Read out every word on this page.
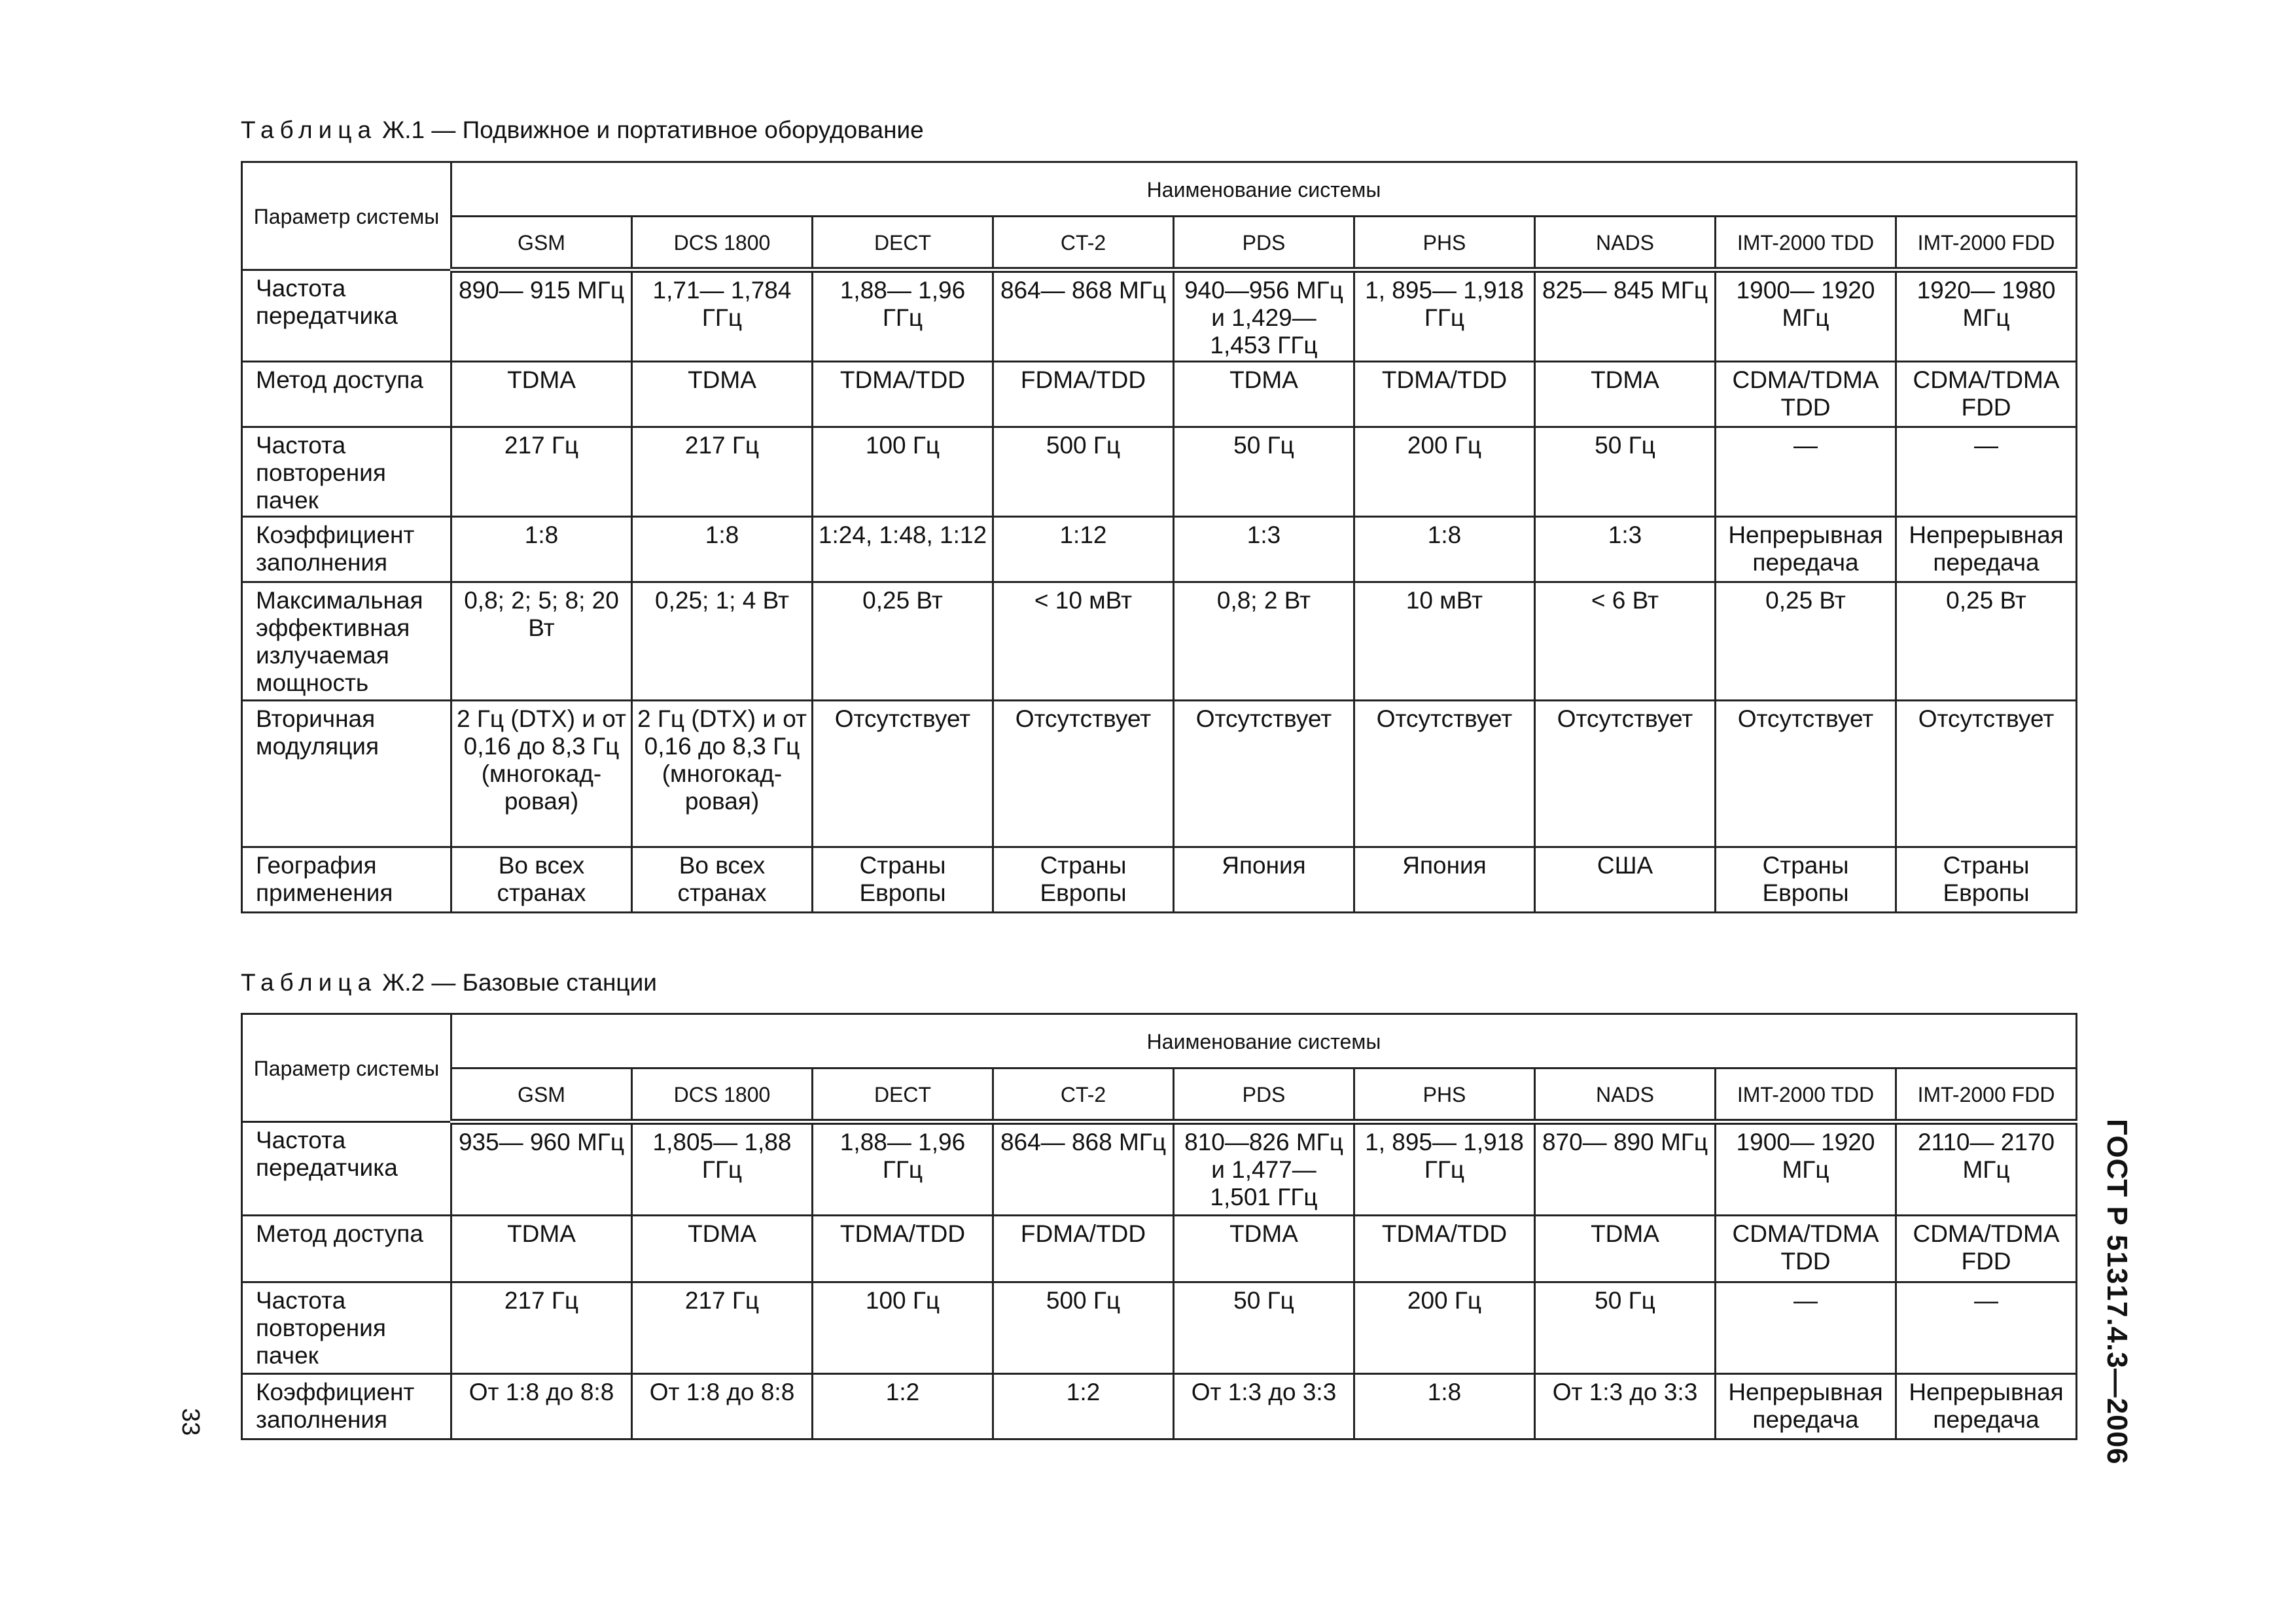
Таблица Ж.1 — Подвижное и портативное оборудование
Параметр системы	Наименование системы								
	GSM	DCS 1800	DECT	CT-2	PDS	PHS	NADS	IMT-2000 TDD	IMT-2000 FDD
Частота передатчика	890— 915 МГц	1,71— 1,784 ГГц	1,88— 1,96 ГГц	864— 868 МГц	940—956 МГц и 1,429— 1,453 ГГц	1, 895— 1,918 ГГц	825— 845 МГц	1900— 1920 МГц	1920— 1980 МГц
Метод доступа	TDMA	TDMA	TDMA/TDD	FDMA/TDD	TDMA	TDMA/TDD	TDMA	CDMA/TDMA TDD	CDMA/TDMA FDD
Частота повторения пачек	217 Гц	217 Гц	100 Гц	500 Гц	50 Гц	200 Гц	50 Гц	—	—
Коэффициент заполнения	1:8	1:8	1:24, 1:48, 1:12	1:12	1:3	1:8	1:3	Непрерывная передача	Непрерывная передача
Максимальная эффективная излучаемая мощность	0,8; 2; 5; 8; 20 Вт	0,25; 1; 4 Вт	0,25 Вт	< 10 мВт	0,8; 2 Вт	10 мВт	< 6 Вт	0,25 Вт	0,25 Вт
Вторичная модуляция	2 Гц (DTX) и от 0,16 до 8,3 Гц (многокад- ровая)	2 Гц (DTX) и от 0,16 до 8,3 Гц (многокад- ровая)	Отсутствует	Отсутствует	Отсутствует	Отсутствует	Отсутствует	Отсутствует	Отсутствует
География применения	Во всех странах	Во всех странах	Страны Европы	Страны Европы	Япония	Япония	США	Страны Европы	Страны Европы
Таблица Ж.2 — Базовые станции
Параметр системы	Наименование системы								
	GSM	DCS 1800	DECT	CT-2	PDS	PHS	NADS	IMT-2000 TDD	IMT-2000 FDD
Частота передатчика	935— 960 МГц	1,805— 1,88 ГГц	1,88— 1,96 ГГц	864— 868 МГц	810—826 МГц и 1,477— 1,501 ГГц	1, 895— 1,918 ГГц	870— 890 МГц	1900— 1920 МГц	2110— 2170 МГц
Метод доступа	TDMA	TDMA	TDMA/TDD	FDMA/TDD	TDMA	TDMA/TDD	TDMA	CDMA/TDMA TDD	CDMA/TDMA FDD
Частота повторения пачек	217 Гц	217 Гц	100 Гц	500 Гц	50 Гц	200 Гц	50 Гц	—	—
Коэффициент заполнения	От 1:8 до 8:8	От 1:8 до 8:8	1:2	1:2	От 1:3 до 3:3	1:8	От 1:3 до 3:3	Непрерывная передача	Непрерывная передача ГОСТ Р 51317.4.3—2006
33
